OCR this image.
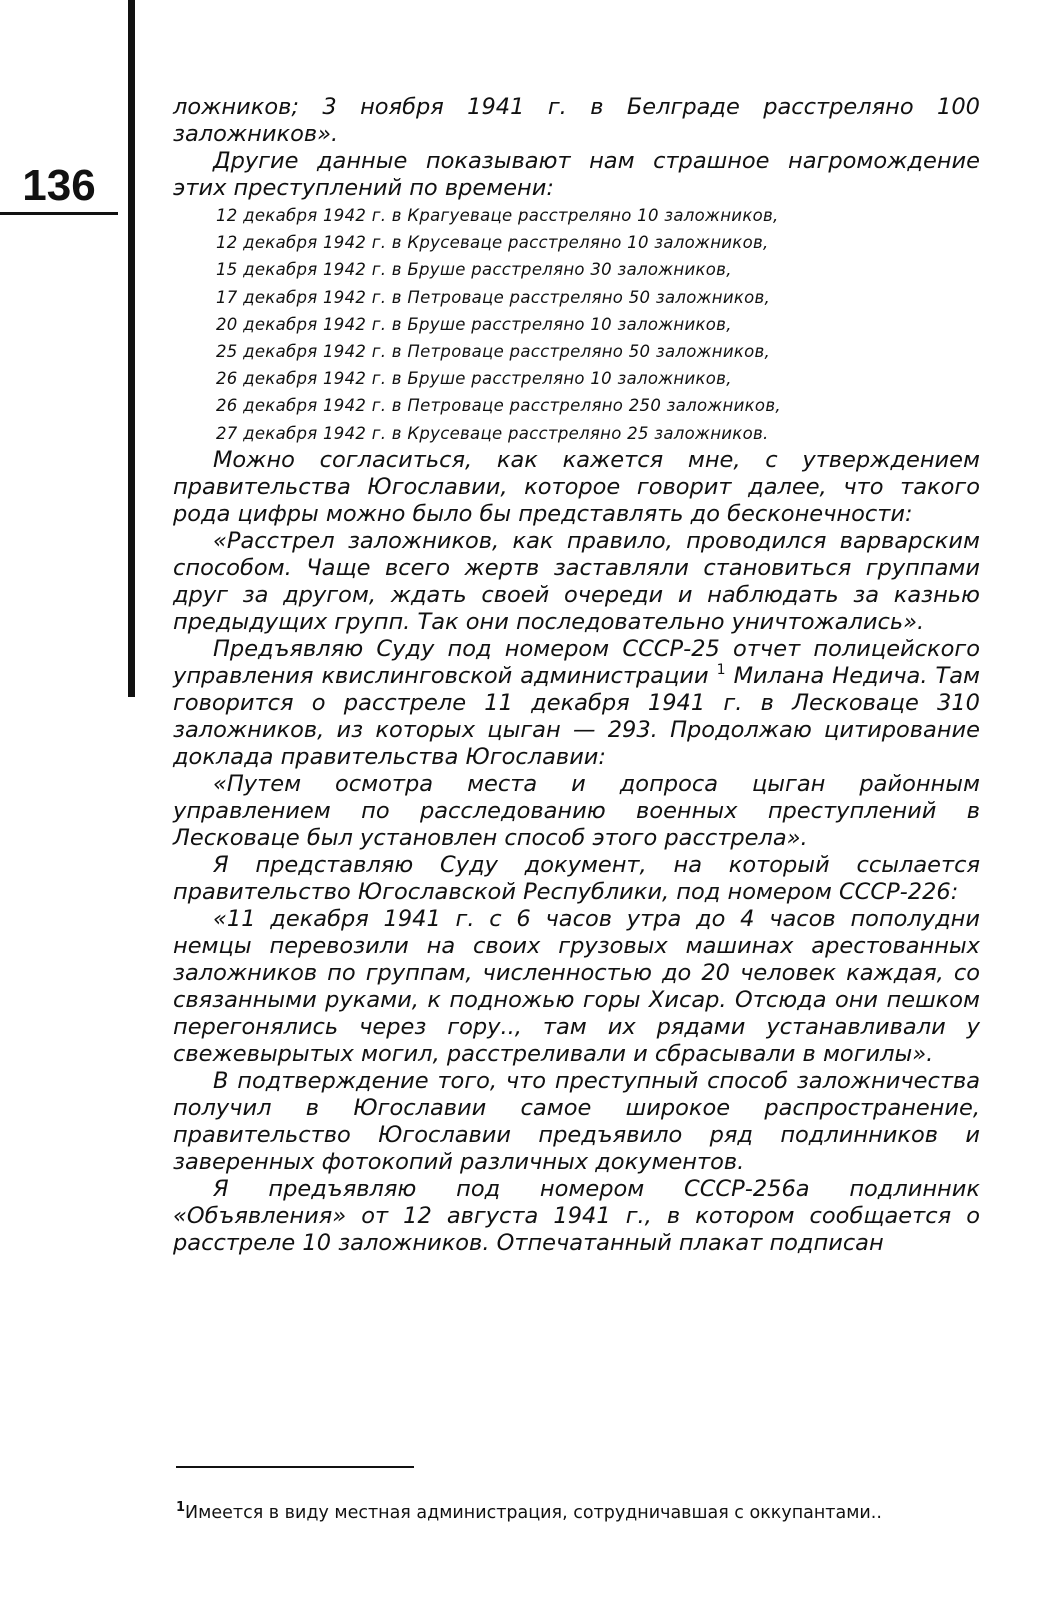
136

ложников; 3 ноября 1941 г. в Белграде расстреляно 100 заложников».

Другие данные показывают нам страшное нагромождение этих преступлений по времени:

12 декабря 1942 г. в Крагуеваце расстреляно 10 заложников,
12 декабря 1942 г. в Крусеваце расстреляно 10 заложников,
15 декабря 1942 г. в Бруше расстреляно 30 заложников,
17 декабря 1942 г. в Петроваце расстреляно 50 заложников,
20 декабря 1942 г. в Бруше расстреляно 10 заложников,
25 декабря 1942 г. в Петроваце расстреляно 50 заложников,
26 декабря 1942 г. в Бруше расстреляно 10 заложников,
26 декабря 1942 г. в Петроваце расстреляно 250 заложников,
27 декабря 1942 г. в Крусеваце расстреляно 25 заложников.

Можно согласиться, как кажется мне, с утверждением правительства Югославии, которое говорит далее, что такого рода цифры можно было бы представлять до бесконечности:

«Расстрел заложников, как правило, проводился варварским способом. Чаще всего жертв заставляли становиться группами друг за другом, ждать своей очереди и наблюдать за казнью предыдущих групп. Так они последовательно уничтожались».

Предъявляю Суду под номером СССР-25 отчет полицейского управления квислинговской администрации $^1$ Милана Недича. Там говорится о расстреле 11 декабря 1941 г. в Лесковаце 310 заложников, из которых цыган — 293. Продолжаю цитирование доклада правительства Югославии:

«Путем осмотра места и допроса цыган районным управлением по расследованию военных преступлений в Лесковаце был установлен способ этого расстрела».

Я представляю Суду документ, на который ссылается правительство Югославской Республики, под номером СССР-226:

«11 декабря 1941 г. с 6 часов утра до 4 часов пополудни немцы перевозили на своих грузовых машинах арестованных заложников по группам, численностью до 20 человек каждая, со связанными руками, к подножью горы Хисар. Отсюда они пешком перегонялись через гору.., там их рядами устанавливали у свежевырытых могил, расстреливали и сбрасывали в могилы».

В подтверждение того, что преступный способ заложничества получил в Югославии самое широкое распространение, правительство Югославии предъявило ряд подлинников и заверенных фотокопий различных документов.

Я предъявляю под номером СССР-256а подлинник «Объявления» от 12 августа 1941 г., в котором сообщается о расстреле 10 заложников. Отпечатанный плакат подписан

$^1$Имеется в виду местная администрация, сотрудничавшая с оккупантами..
